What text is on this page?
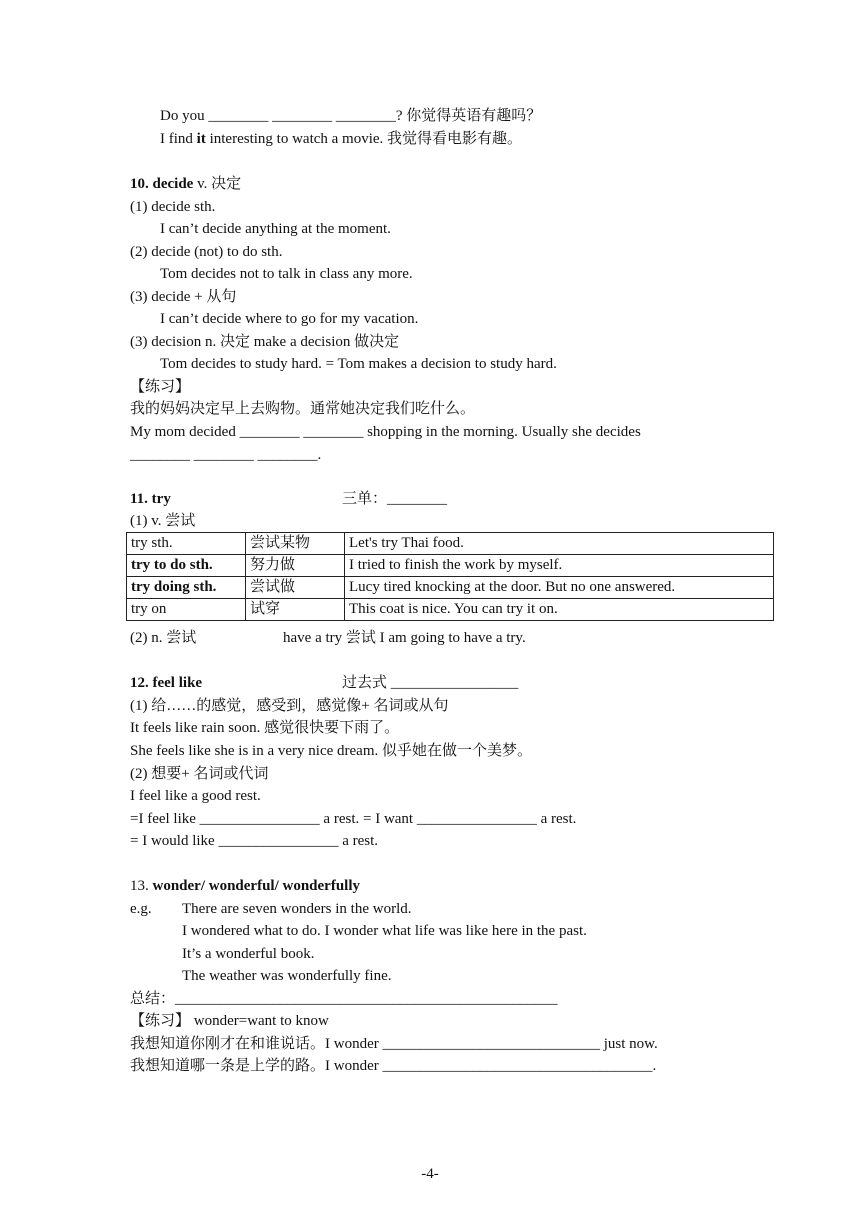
Do you ________ ________ ________? 你觉得英语有趣吗？
I find it interesting to watch a movie. 我觉得看电影有趣。
10. decide v. 决定
(1) decide sth.
I can’t decide anything at the moment.
(2) decide (not) to do sth.
Tom decides not to talk in class any more.
(3) decide + 从句
I can’t decide where to go for my vacation.
(3) decision n. 决定 make a decision 做决定
Tom decides to study hard. = Tom makes a decision to study hard.
【练习】
我的妈妈决定早上去购物。通常她决定我们吃什么。
My mom decided ________ ________ shopping in the morning. Usually she decides
________ ________ ________.
11. try	三单：________
(1) v. 尝试
try sth.	尝试某物	Let's try Thai food.
try to do sth.	努力做	I tried to finish the work by myself.
try doing sth.	尝试做	Lucy tired knocking at the door. But no one answered.
try on	试穿	This coat is nice. You can try it on.
(2) n. 尝试	have a try 尝试 I am going to have a try.
12. feel like	过去式 _________________
(1) 给……的感觉，感受到，感觉像+ 名词或从句
It feels like rain soon. 感觉很快要下雨了。
She feels like she is in a very nice dream. 似乎她在做一个美梦。
(2) 想要+ 名词或代词
I feel like a good rest.
=I feel like ________________ a rest. = I want ________________ a rest.
= I would like ________________ a rest.
13. wonder/ wonderful/ wonderfully
e.g. There are seven wonders in the world.
I wondered what to do. I wonder what life was like here in the past.
It’s a wonderful book.
The weather was wonderfully fine.
总结：___________________________________________________
【练习】 wonder=want to know
我想知道你刚才在和谁说话。I wonder _____________________________ just now.
我想知道哪一条是上学的路。I wonder ____________________________________.
-4-
